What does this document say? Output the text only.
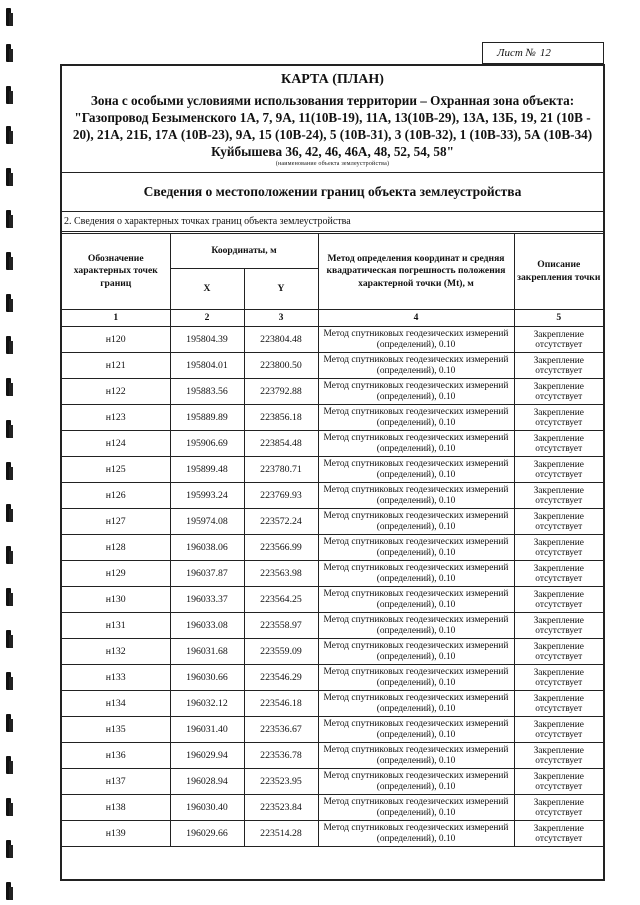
Лист № 12
КАРТА (ПЛАН)
Зона с особыми условиями использования территории – Охранная зона объекта: "Газопровод Безыменского 1А, 7, 9А, 11(10В-19), 11А, 13(10В-29), 13А, 13Б, 19, 21 (10В - 20), 21А, 21Б, 17А (10В-23), 9А, 15 (10В-24), 5 (10В-31), 3 (10В-32), 1 (10В-33), 5А (10В-34) Куйбышева 36, 42, 46, 46А, 48, 52, 54, 58"
(наименование объекта землеустройства)
Сведения о местоположении границ объекта землеустройства
2. Сведения о характерных точках границ объекта землеустройства
Обозначение характерных точек границ	Координаты, м		Метод определения координат и средняя квадратическая погрешность положения характерной точки (Mt), м	Описание закрепления точки
	X	Y		
1	2	3	4	5
н120	195804.39	223804.48	Метод спутниковых геодезических измерений (определений), 0.10	Закрепление отсутствует
н121	195804.01	223800.50	Метод спутниковых геодезических измерений (определений), 0.10	Закрепление отсутствует
н122	195883.56	223792.88	Метод спутниковых геодезических измерений (определений), 0.10	Закрепление отсутствует
н123	195889.89	223856.18	Метод спутниковых геодезических измерений (определений), 0.10	Закрепление отсутствует
н124	195906.69	223854.48	Метод спутниковых геодезических измерений (определений), 0.10	Закрепление отсутствует
н125	195899.48	223780.71	Метод спутниковых геодезических измерений (определений), 0.10	Закрепление отсутствует
н126	195993.24	223769.93	Метод спутниковых геодезических измерений (определений), 0.10	Закрепление отсутствует
н127	195974.08	223572.24	Метод спутниковых геодезических измерений (определений), 0.10	Закрепление отсутствует
н128	196038.06	223566.99	Метод спутниковых геодезических измерений (определений), 0.10	Закрепление отсутствует
н129	196037.87	223563.98	Метод спутниковых геодезических измерений (определений), 0.10	Закрепление отсутствует
н130	196033.37	223564.25	Метод спутниковых геодезических измерений (определений), 0.10	Закрепление отсутствует
н131	196033.08	223558.97	Метод спутниковых геодезических измерений (определений), 0.10	Закрепление отсутствует
н132	196031.68	223559.09	Метод спутниковых геодезических измерений (определений), 0.10	Закрепление отсутствует
н133	196030.66	223546.29	Метод спутниковых геодезических измерений (определений), 0.10	Закрепление отсутствует
н134	196032.12	223546.18	Метод спутниковых геодезических измерений (определений), 0.10	Закрепление отсутствует
н135	196031.40	223536.67	Метод спутниковых геодезических измерений (определений), 0.10	Закрепление отсутствует
н136	196029.94	223536.78	Метод спутниковых геодезических измерений (определений), 0.10	Закрепление отсутствует
н137	196028.94	223523.95	Метод спутниковых геодезических измерений (определений), 0.10	Закрепление отсутствует
н138	196030.40	223523.84	Метод спутниковых геодезических измерений (определений), 0.10	Закрепление отсутствует
н139	196029.66	223514.28	Метод спутниковых геодезических измерений (определений), 0.10	Закрепление отсутствует
